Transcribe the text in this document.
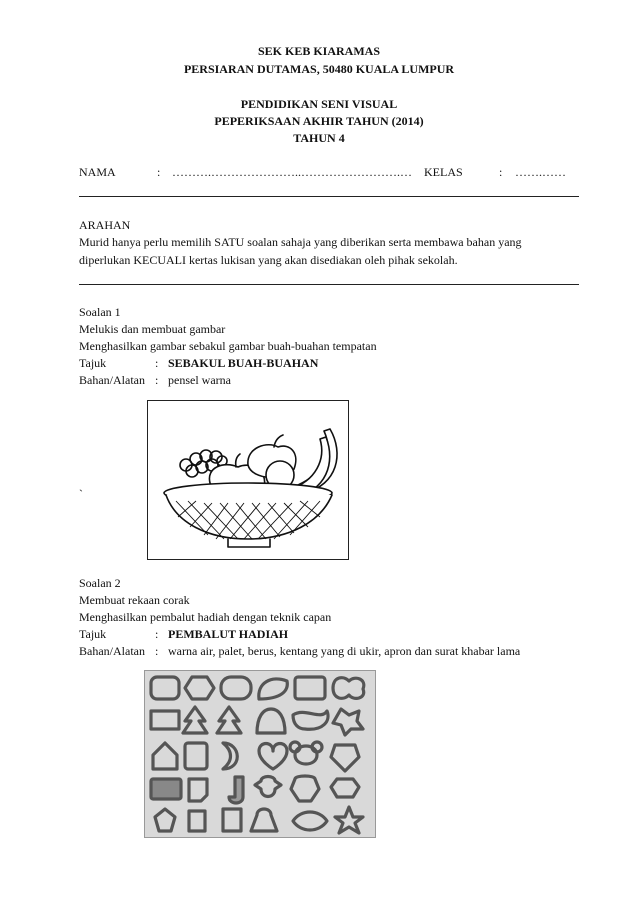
SEK KEB KIARAMAS
PERSIARAN DUTAMAS, 50480 KUALA LUMPUR
PENDIDIKAN SENI VISUAL
PEPERIKSAAN AKHIR TAHUN (2014)
TAHUN 4
NAMA	: ……….…………………..…………………….… KELAS	: …….……
ARAHAN
Murid hanya perlu memilih SATU soalan sahaja yang diberikan serta membawa bahan yang
diperlukan KECUALI kertas lukisan yang akan disediakan oleh pihak sekolah.
Soalan 1
Melukis dan membuat gambar
Menghasilkan gambar sebakul gambar buah-buahan tempatan
Tajuk	: SEBAKUL BUAH-BUAHAN
Bahan/Alatan : pensel warna
`
Soalan 2
Membuat rekaan corak
Menghasilkan pembalut hadiah dengan teknik capan
Tajuk	: PEMBALUT HADIAH
Bahan/Alatan : warna air, palet, berus, kentang yang di ukir, apron dan surat khabar lama
